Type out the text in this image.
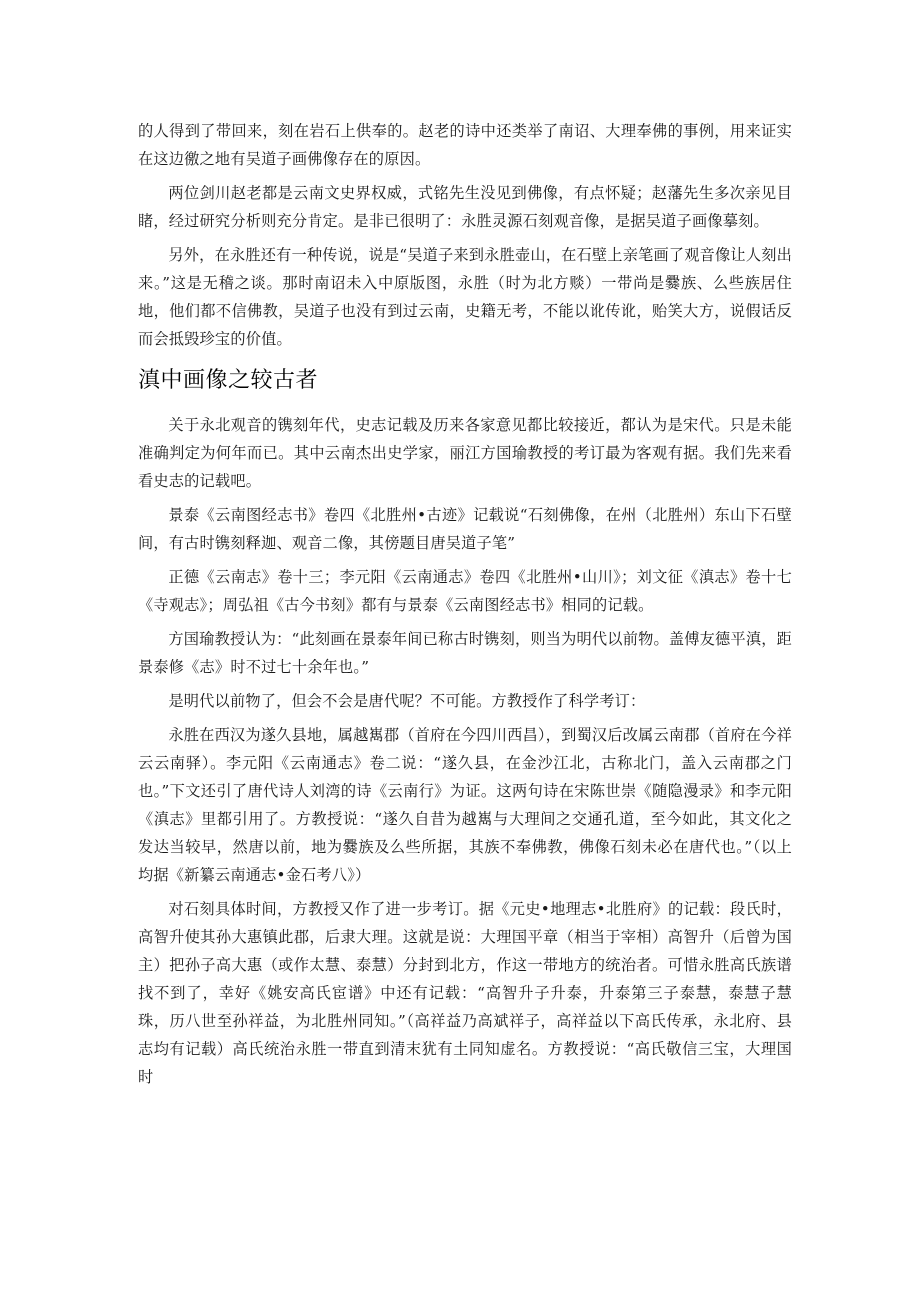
的人得到了带回来，刻在岩石上供奉的。赵老的诗中还类举了南诏、大理奉佛的事例，用来证实在这边徼之地有吴道子画佛像存在的原因。

两位剑川赵老都是云南文史界权威，式铭先生没见到佛像，有点怀疑；赵藩先生多次亲见目睹，经过研究分析则充分肯定。是非已很明了：永胜灵源石刻观音像，是据吴道子画像摹刻。

另外，在永胜还有一种传说，说是“吴道子来到永胜壶山，在石壁上亲笔画了观音像让人刻出来。”这是无稽之谈。那时南诏未入中原版图，永胜（时为北方赕）一带尚是爨族、么些族居住地，他们都不信佛教，吴道子也没有到过云南，史籍无考，不能以讹传讹，贻笑大方，说假话反而会抵毁珍宝的价值。

滇中画像之较古者

关于永北观音的镌刻年代，史志记载及历来各家意见都比较接近，都认为是宋代。只是未能准确判定为何年而已。其中云南杰出史学家，丽江方国瑜教授的考订最为客观有据。我们先来看看史志的记载吧。

景泰《云南图经志书》卷四《北胜州•古迹》记载说“石刻佛像，在州（北胜州）东山下石壁间，有古时镌刻释迦、观音二像，其傍题目唐吴道子笔”

正德《云南志》卷十三；李元阳《云南通志》卷四《北胜州•山川》；刘文征《滇志》卷十七《寺观志》；周弘祖《古今书刻》都有与景泰《云南图经志书》相同的记载。

方国瑜教授认为：“此刻画在景泰年间已称古时镌刻，则当为明代以前物。盖傅友德平滇，距景泰修《志》时不过七十余年也。”

是明代以前物了，但会不会是唐代呢？不可能。方教授作了科学考订：

永胜在西汉为遂久县地，属越嶲郡（首府在今四川西昌），到蜀汉后改属云南郡（首府在今祥云云南驿）。李元阳《云南通志》卷二说：“遂久县，在金沙江北，古称北门，盖入云南郡之门也。”下文还引了唐代诗人刘湾的诗《云南行》为证。这两句诗在宋陈世崇《随隐漫录》和李元阳《滇志》里都引用了。方教授说：“遂久自昔为越嶲与大理间之交通孔道，至今如此，其文化之发达当较早，然唐以前，地为爨族及么些所据，其族不奉佛教，佛像石刻未必在唐代也。”（以上均据《新纂云南通志•金石考八》）

对石刻具体时间，方教授又作了进一步考订。据《元史•地理志•北胜府》的记载：段氏时，高智升使其孙大惠镇此郡，后隶大理。这就是说：大理国平章（相当于宰相）高智升（后曾为国主）把孙子高大惠（或作太慧、泰慧）分封到北方，作这一带地方的统治者。可惜永胜高氏族谱找不到了，幸好《姚安高氏宦谱》中还有记载：“高智升子升泰，升泰第三子泰慧，泰慧子慧珠，历八世至孙祥益，为北胜州同知。”（高祥益乃高斌祥子，高祥益以下高氏传承，永北府、县志均有记载）高氏统治永胜一带直到清末犹有土同知虚名。方教授说：“高氏敬信三宝，大理国时
